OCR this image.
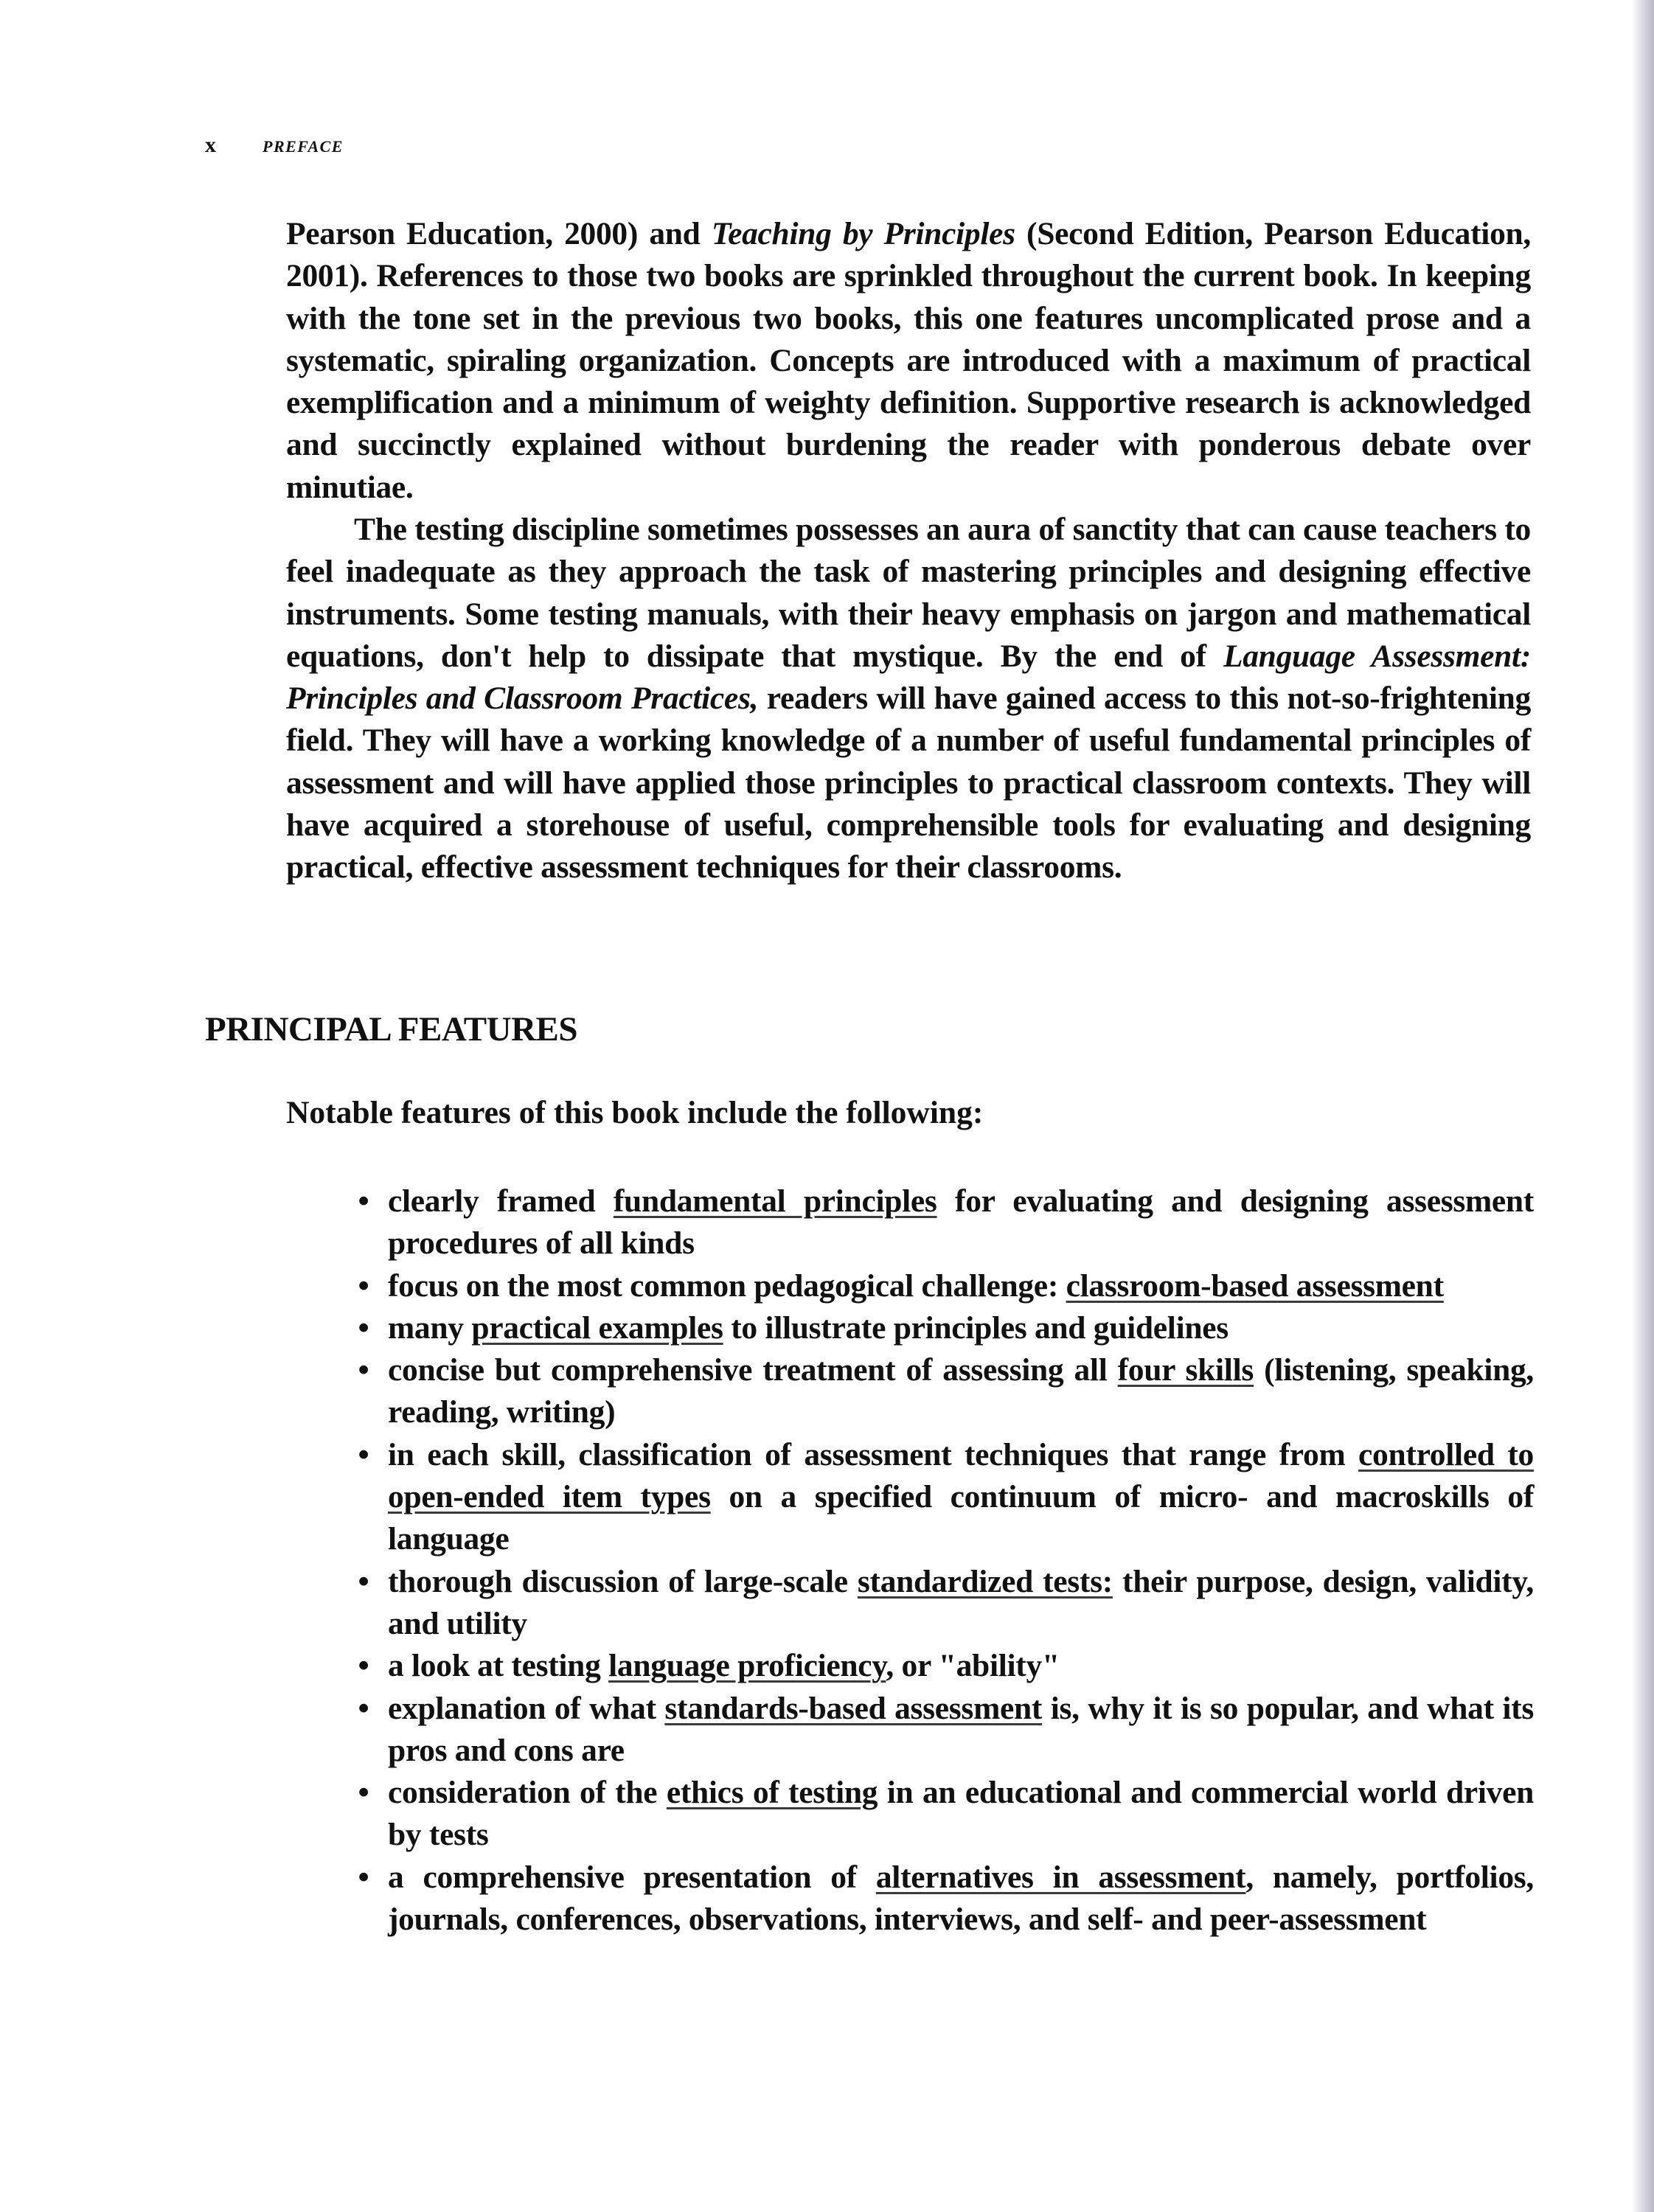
x	PREFACE

Pearson Education, 2000) and Teaching by Principles (Second Edition, Pearson Education, 2001). References to those two books are sprinkled throughout the current book. In keeping with the tone set in the previous two books, this one features uncomplicated prose and a systematic, spiraling organization. Concepts are introduced with a maximum of practical exemplification and a minimum of weighty definition. Supportive research is acknowledged and succinctly explained without burdening the reader with ponderous debate over minutiae.

The testing discipline sometimes possesses an aura of sanctity that can cause teachers to feel inadequate as they approach the task of mastering principles and designing effective instruments. Some testing manuals, with their heavy emphasis on jargon and mathematical equations, don't help to dissipate that mystique. By the end of Language Assessment: Principles and Classroom Practices, readers will have gained access to this not-so-frightening field. They will have a working knowledge of a number of useful fundamental principles of assessment and will have applied those principles to practical classroom contexts. They will have acquired a storehouse of useful, comprehensible tools for evaluating and designing practical, effective assessment techniques for their classrooms.

PRINCIPAL FEATURES
Notable features of this book include the following:
• clearly framed fundamental principles for evaluating and designing assessment procedures of all kinds
• focus on the most common pedagogical challenge: classroom-based assessment
• many practical examples to illustrate principles and guidelines
• concise but comprehensive treatment of assessing all four skills (listening, speaking, reading, writing)
• in each skill, classification of assessment techniques that range from controlled to open-ended item types on a specified continuum of micro- and macroskills of language
• thorough discussion of large-scale standardized tests: their purpose, design, validity, and utility
• a look at testing language proficiency, or "ability"
• explanation of what standards-based assessment is, why it is so popular, and what its pros and cons are
• consideration of the ethics of testing in an educational and commercial world driven by tests
• a comprehensive presentation of alternatives in assessment, namely, portfolios, journals, conferences, observations, interviews, and self- and peer-assessment
